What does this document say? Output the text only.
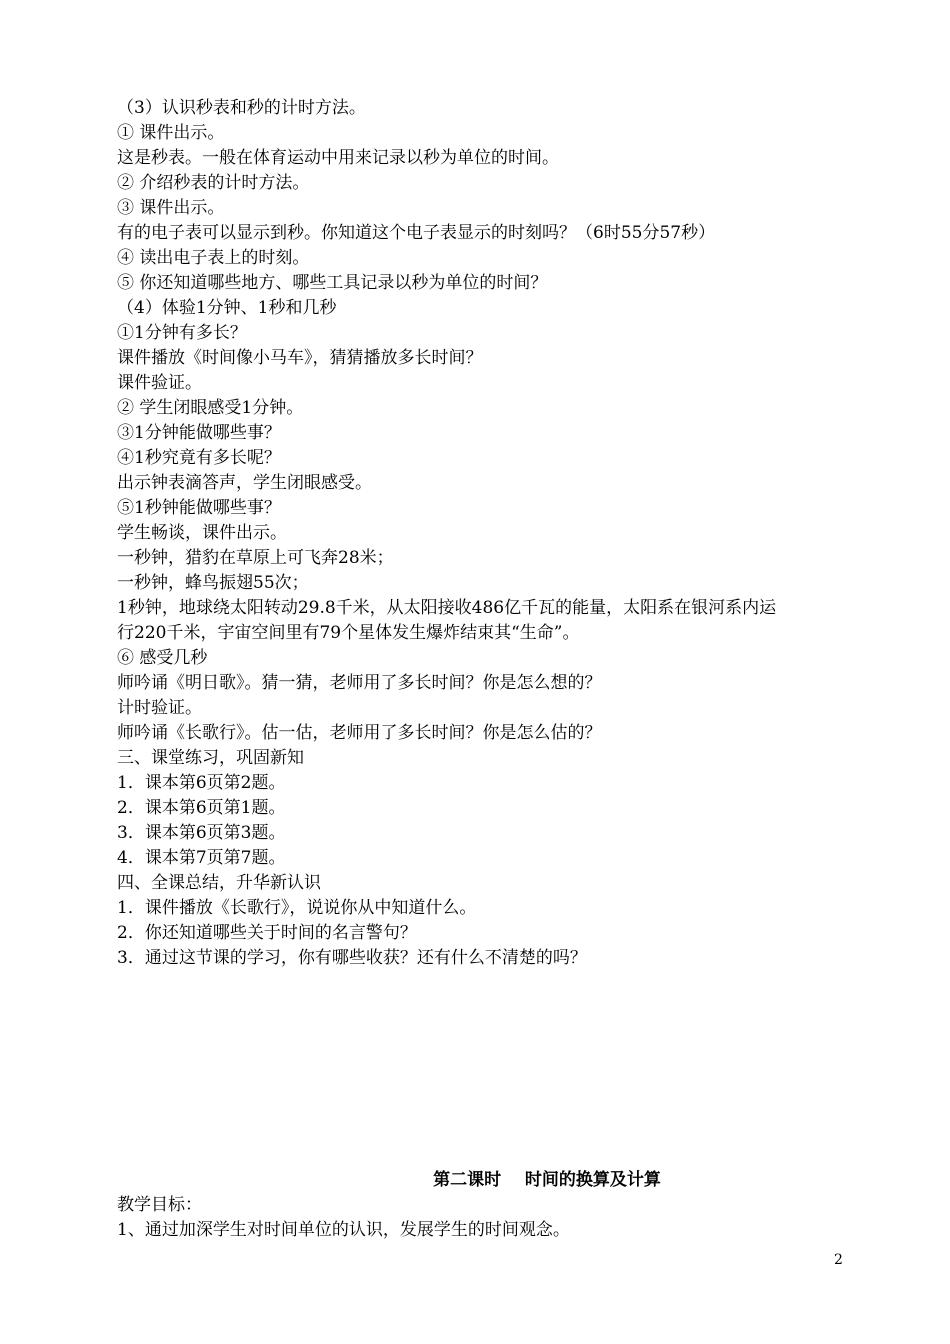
（3）认识秒表和秒的计时方法。
① 课件出示。
这是秒表。一般在体育运动中用来记录以秒为单位的时间。
② 介绍秒表的计时方法。
③ 课件出示。
有的电子表可以显示到秒。你知道这个电子表显示的时刻吗？（6时55分57秒）
④ 读出电子表上的时刻。
⑤ 你还知道哪些地方、哪些工具记录以秒为单位的时间？
（4）体验1分钟、1秒和几秒
①1分钟有多长？
课件播放《时间像小马车》，猜猜播放多长时间？
课件验证。
② 学生闭眼感受1分钟。
③1分钟能做哪些事？
④1秒究竟有多长呢？
出示钟表滴答声，学生闭眼感受。
⑤1秒钟能做哪些事？
学生畅谈，课件出示。
一秒钟，猎豹在草原上可飞奔28米；
一秒钟，蜂鸟振翅55次；
1秒钟，地球绕太阳转动29.8千米，从太阳接收486亿千瓦的能量，太阳系在银河系内运
行220千米，宇宙空间里有79个星体发生爆炸结束其“生命”。
⑥ 感受几秒
师吟诵《明日歌》。猜一猜，老师用了多长时间？你是怎么想的？
计时验证。
师吟诵《长歌行》。估一估，老师用了多长时间？你是怎么估的？
三、课堂练习，巩固新知
1．课本第6页第2题。
2．课本第6页第1题。
3．课本第6页第3题。
4．课本第7页第7题。
四、全课总结，升华新认识
1．课件播放《长歌行》，说说你从中知道什么。
2．你还知道哪些关于时间的名言警句？
3．通过这节课的学习，你有哪些收获？还有什么不清楚的吗？
第二课时    时间的换算及计算
教学目标：
1、通过加深学生对时间单位的认识，发展学生的时间观念。
2
